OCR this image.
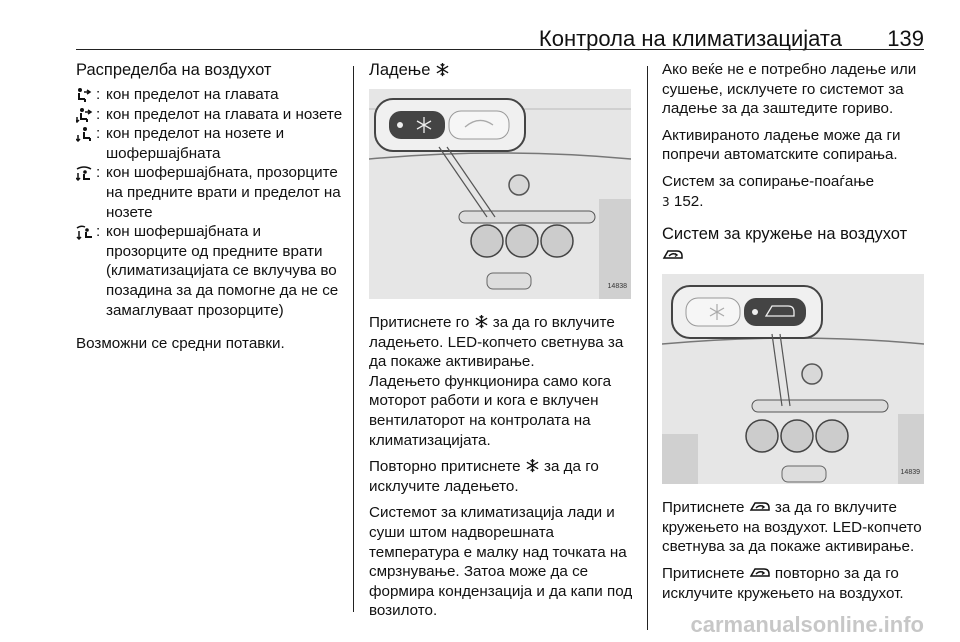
Контрола на климатизацијата 139
Распределба на воздухот
: кон пределот на главата
: кон пределот на главата и нозете
: кон пределот на нозете и шофершајбната
: кон шофершајбната, прозорците на предните врати и пределот на нозете
: кон шофершајбната и прозорците од предните врати (климатизацијата се вклучува во позадина за да помогне да не се замаглуваат прозорците)

Возможни се средни потавки.

Ладење
14838

Притиснете го за да го вклучите ладењето. LED-копчето светнува за да покаже активирање.
Ладењето функционира само кога моторот работи и кога е вклучен вентилаторот на контролата на климатизацијата.

Повторно притиснете за да го исклучите ладењето.

Системот за климатизација лади и суши штом надворешната температура е малку над точката на смрзнување. Затоа може да се формира кондензација и да капи под возилото.

Ако веќе не е потребно ладење или сушење, исклучете го системот за ладење за да заштедите гориво.

Активираното ладење може да ги попречи автоматските сопирања.

Систем за сопирање-поаѓање
3 152.

Систем за кружење на воздухот
14839

Притиснете за да го вклучите кружењето на воздухот. LED-копчето светнува за да покаже активирање.

Притиснете повторно за да го исклучите кружењето на воздухот.

carmanualsonline.info
